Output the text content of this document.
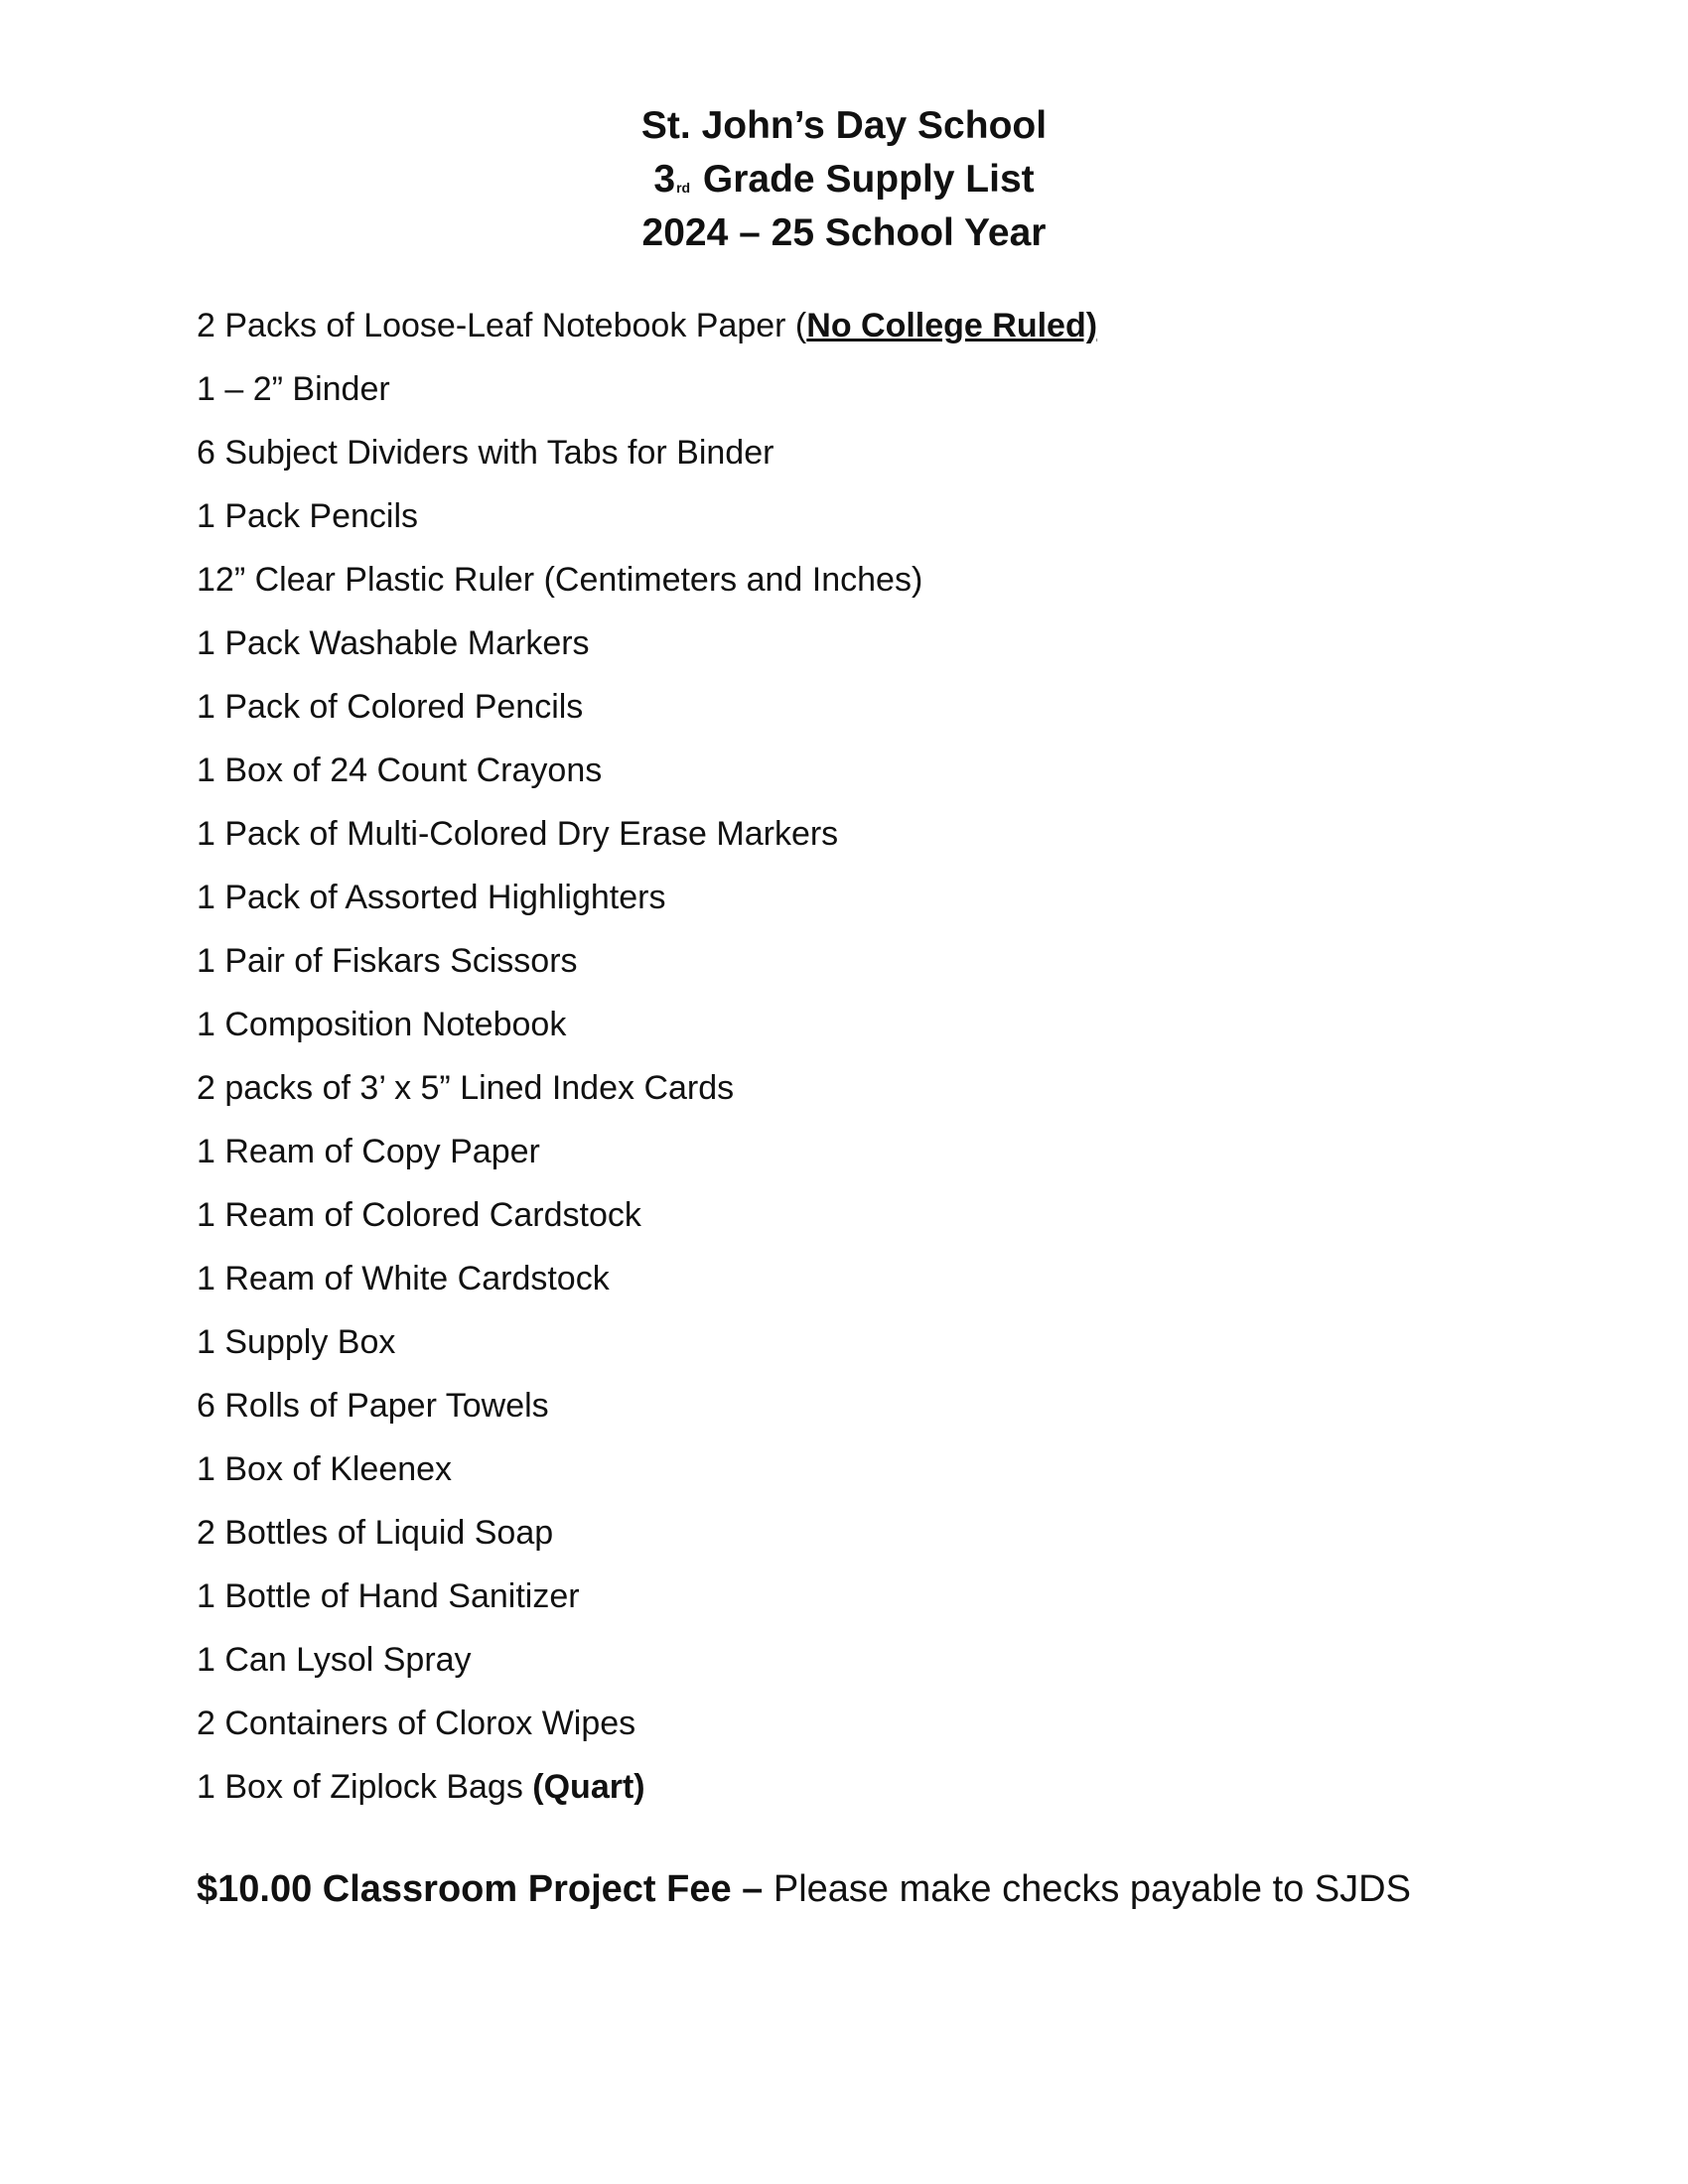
St. John’s Day School
3rd Grade Supply List
2024 – 25 School Year
2 Packs of Loose-Leaf Notebook Paper (No College Ruled)
1 – 2” Binder
6 Subject Dividers with Tabs for Binder
1 Pack Pencils
12” Clear Plastic Ruler (Centimeters and Inches)
1 Pack Washable Markers
1 Pack of Colored Pencils
1 Box of 24 Count Crayons
1 Pack of Multi-Colored Dry Erase Markers
1 Pack of Assorted Highlighters
1 Pair of Fiskars Scissors
1 Composition Notebook
2 packs of 3’ x 5” Lined Index Cards
1 Ream of Copy Paper
1 Ream of Colored Cardstock
1 Ream of White Cardstock
1 Supply Box
6 Rolls of Paper Towels
1 Box of Kleenex
2 Bottles of Liquid Soap
1 Bottle of Hand Sanitizer
1 Can Lysol Spray
2 Containers of Clorox Wipes
1 Box of Ziplock Bags (Quart)
$10.00 Classroom Project Fee – Please make checks payable to SJDS
